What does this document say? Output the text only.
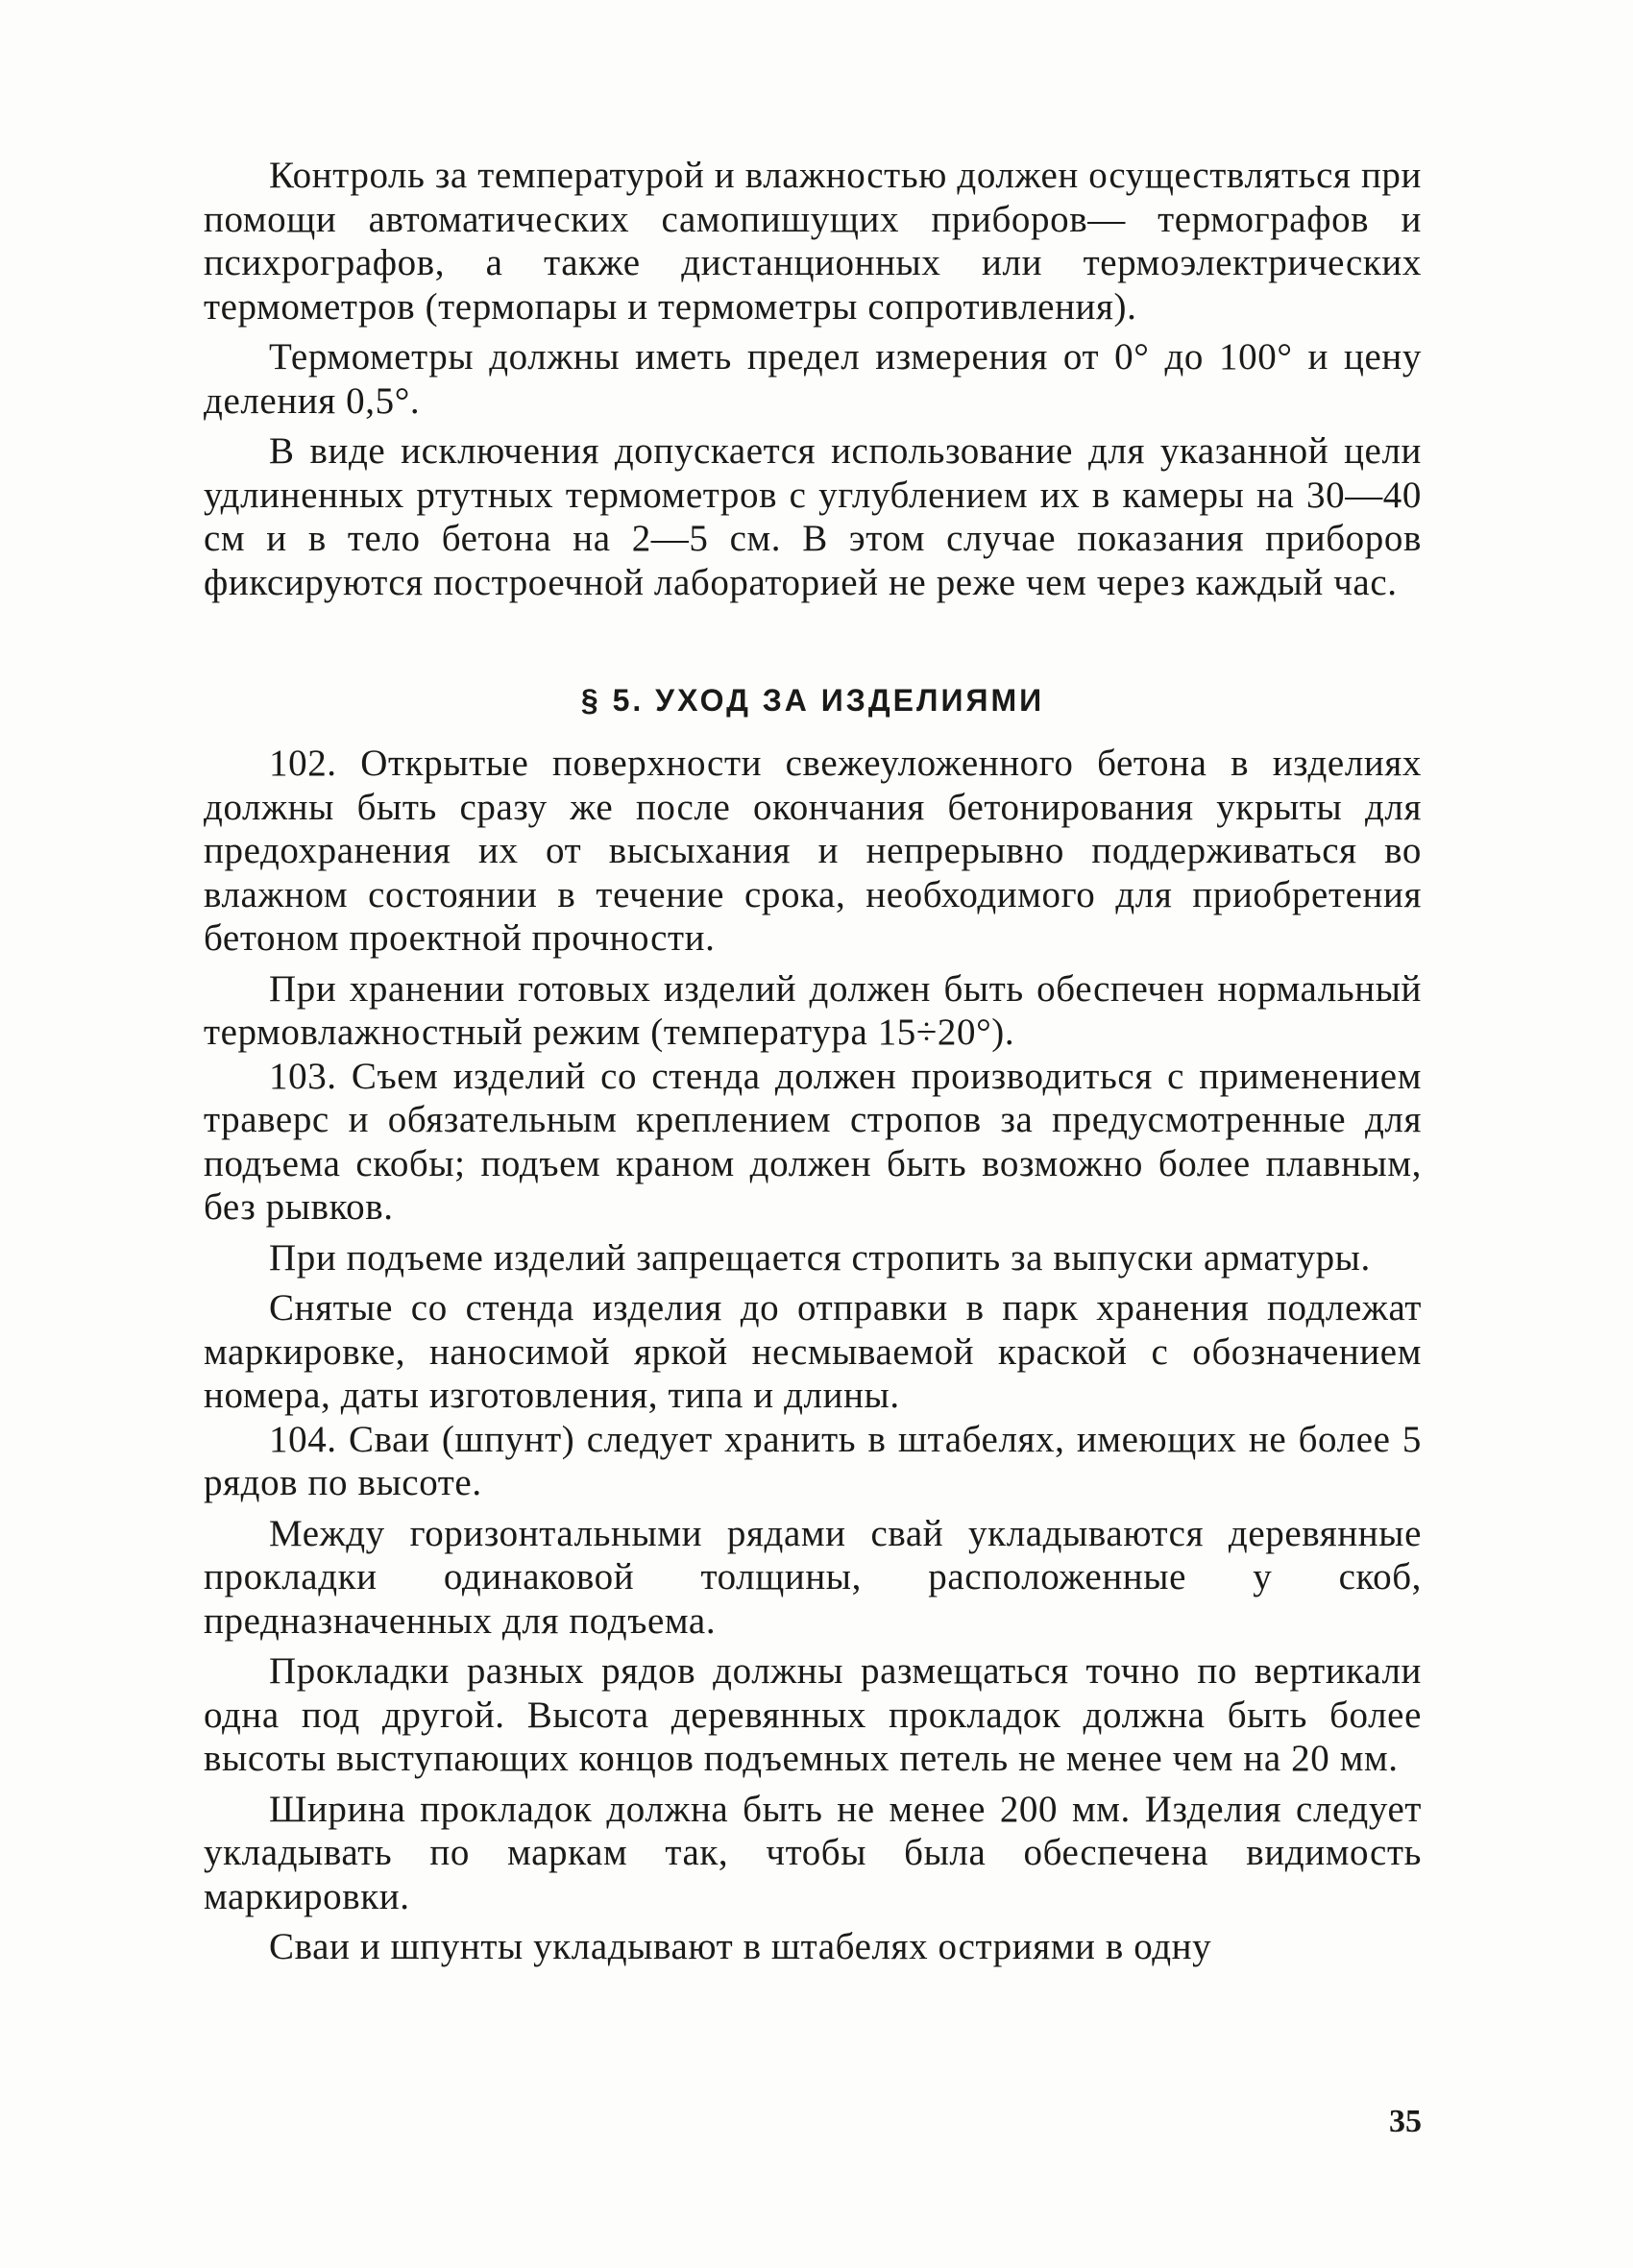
Контроль за температурой и влажностью должен осуществляться при помощи автоматических самопишущих приборов— термографов и психрографов, а также дистанционных или термоэлектрических термометров (термопары и термометры сопротивления).

Термометры должны иметь предел измерения от 0° до 100° и цену деления 0,5°.

В виде исключения допускается использование для указанной цели удлиненных ртутных термометров с углублением их в камеры на 30—40 см и в тело бетона на 2—5 см. В этом случае показания приборов фиксируются построечной лабораторией не реже чем через каждый час.

§ 5. УХОД ЗА ИЗДЕЛИЯМИ

102. Открытые поверхности свежеуложенного бетона в изделиях должны быть сразу же после окончания бетонирования укрыты для предохранения их от высыхания и непрерывно поддерживаться во влажном состоянии в течение срока, необходимого для приобретения бетоном проектной прочности.

При хранении готовых изделий должен быть обеспечен нормальный термовлажностный режим (температура 15÷20°).

103. Съем изделий со стенда должен производиться с применением траверс и обязательным креплением стропов за предусмотренные для подъема скобы; подъем краном должен быть возможно более плавным, без рывков.

При подъеме изделий запрещается стропить за выпуски арматуры.

Снятые со стенда изделия до отправки в парк хранения подлежат маркировке, наносимой яркой несмываемой краской с обозначением номера, даты изготовления, типа и длины.

104. Сваи (шпунт) следует хранить в штабелях, имеющих не более 5 рядов по высоте.

Между горизонтальными рядами свай укладываются деревянные прокладки одинаковой толщины, расположенные у скоб, предназначенных для подъема.

Прокладки разных рядов должны размещаться точно по вертикали одна под другой. Высота деревянных прокладок должна быть более высоты выступающих концов подъемных петель не менее чем на 20 мм.

Ширина прокладок должна быть не менее 200 мм. Изделия следует укладывать по маркам так, чтобы была обеспечена видимость маркировки.

Сваи и шпунты укладывают в штабелях остриями в одну

35
